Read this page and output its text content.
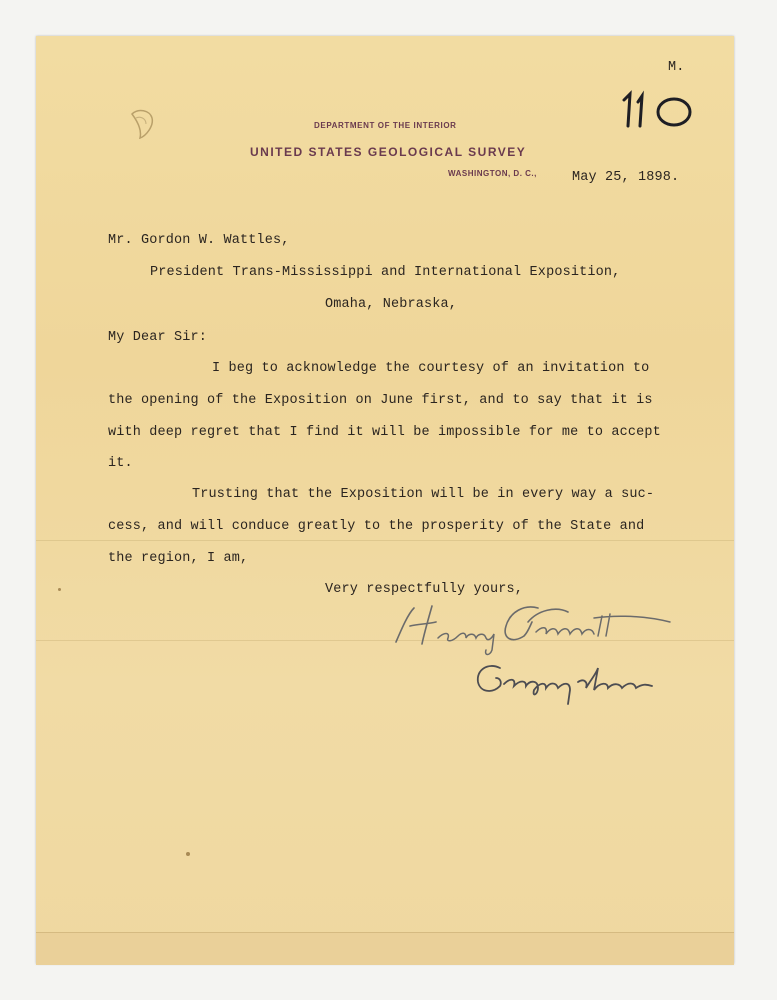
M.
DEPARTMENT OF THE INTERIOR
UNITED STATES GEOLOGICAL SURVEY
WASHINGTON, D. C.,	May 25, 1898.
Mr. Gordon W. Wattles,
President Trans-Mississippi and International Exposition,
Omaha, Nebraska,
My Dear Sir:
I beg to acknowledge the courtesy of an invitation to
the opening of the Exposition on June first, and to say that it is
with deep regret that I find it will be impossible for me to accept
it.
Trusting that the Exposition will be in every way a suc-
cess, and will conduce greatly to the prosperity of the State and
the region, I am,
Very respectfully yours,
